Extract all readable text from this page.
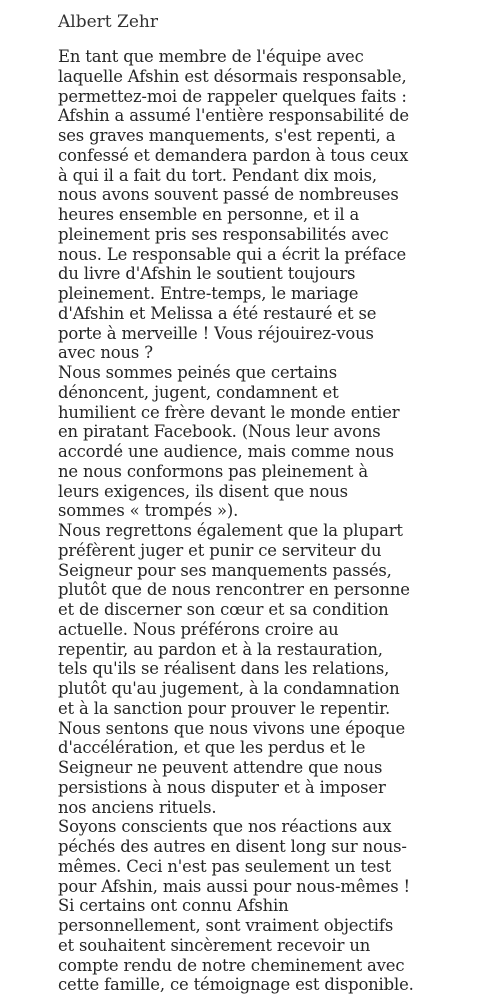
Albert Zehr
En tant que membre de l'équipe avec
laquelle Afshin est désormais responsable,
permettez-moi de rappeler quelques faits :
Afshin a assumé l'entière responsabilité de
ses graves manquements, s'est repenti, a
confessé et demandera pardon à tous ceux
à qui il a fait du tort. Pendant dix mois,
nous avons souvent passé de nombreuses
heures ensemble en personne, et il a
pleinement pris ses responsabilités avec
nous. Le responsable qui a écrit la préface
du livre d'Afshin le soutient toujours
pleinement. Entre-temps, le mariage
d'Afshin et Melissa a été restauré et se
porte à merveille ! Vous réjouirez-vous
avec nous ?
Nous sommes peinés que certains
dénoncent, jugent, condamnent et
humilient ce frère devant le monde entier
en piratant Facebook. (Nous leur avons
accordé une audience, mais comme nous
ne nous conformons pas pleinement à
leurs exigences, ils disent que nous
sommes « trompés »).
Nous regrettons également que la plupart
préfèrent juger et punir ce serviteur du
Seigneur pour ses manquements passés,
plutôt que de nous rencontrer en personne
et de discerner son cœur et sa condition
actuelle. Nous préférons croire au
repentir, au pardon et à la restauration,
tels qu'ils se réalisent dans les relations,
plutôt qu'au jugement, à la condamnation
et à la sanction pour prouver le repentir.
Nous sentons que nous vivons une époque
d'accélération, et que les perdus et le
Seigneur ne peuvent attendre que nous
persistions à nous disputer et à imposer
nos anciens rituels.
Soyons conscients que nos réactions aux
péchés des autres en disent long sur nous-
mêmes. Ceci n'est pas seulement un test
pour Afshin, mais aussi pour nous-mêmes !
Si certains ont connu Afshin
personnellement, sont vraiment objectifs
et souhaitent sincèrement recevoir un
compte rendu de notre cheminement avec
cette famille, ce témoignage est disponible.
